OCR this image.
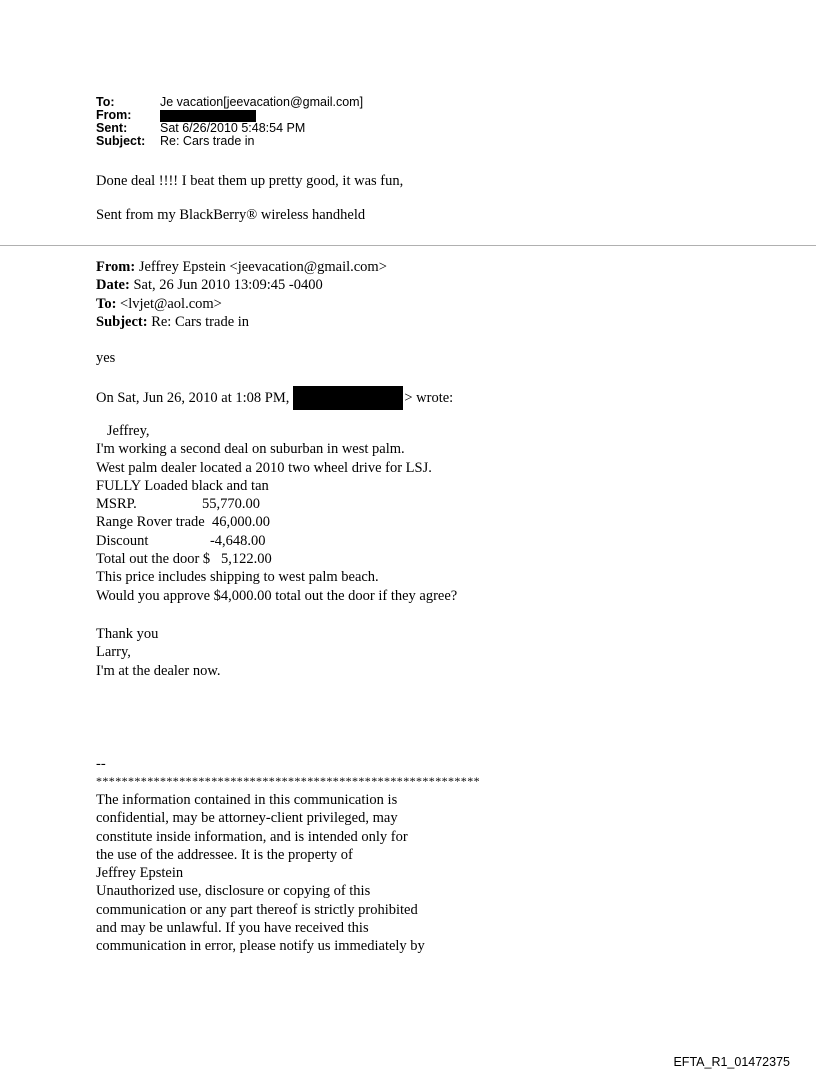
To:	Je vacation[jeevacation@gmail.com]
From:
Sent:	Sat 6/26/2010 5:48:54 PM
Subject:	Re: Cars trade in

Done deal !!!! I beat them up pretty good, it was fun,

Sent from my BlackBerry® wireless handheld

From: Jeffrey Epstein <jeevacation@gmail.com>
Date: Sat, 26 Jun 2010 13:09:45 -0400
To: <lvjet@aol.com>
Subject: Re: Cars trade in

yes

On Sat, Jun 26, 2010 at 1:08 PM,	> wrote:
Jeffrey,
I'm working a second deal on suburban in west palm.
West palm dealer located a 2010 two wheel drive for LSJ.
FULLY Loaded black and tan
MSRP.                  55,770.00
Range Rover trade  46,000.00
Discount                 -4,648.00
Total out the door $   5,122.00
This price includes shipping to west palm beach.
Would you approve $4,000.00 total out the door if they agree?
Thank you
Larry,
I'm at the dealer now.
--
************************************************************
The information contained in this communication is
confidential, may be attorney-client privileged, may
constitute inside information, and is intended only for
the use of the addressee. It is the property of
Jeffrey Epstein
Unauthorized use, disclosure or copying of this
communication or any part thereof is strictly prohibited
and may be unlawful. If you have received this
communication in error, please notify us immediately by
EFTA_R1_01472375
